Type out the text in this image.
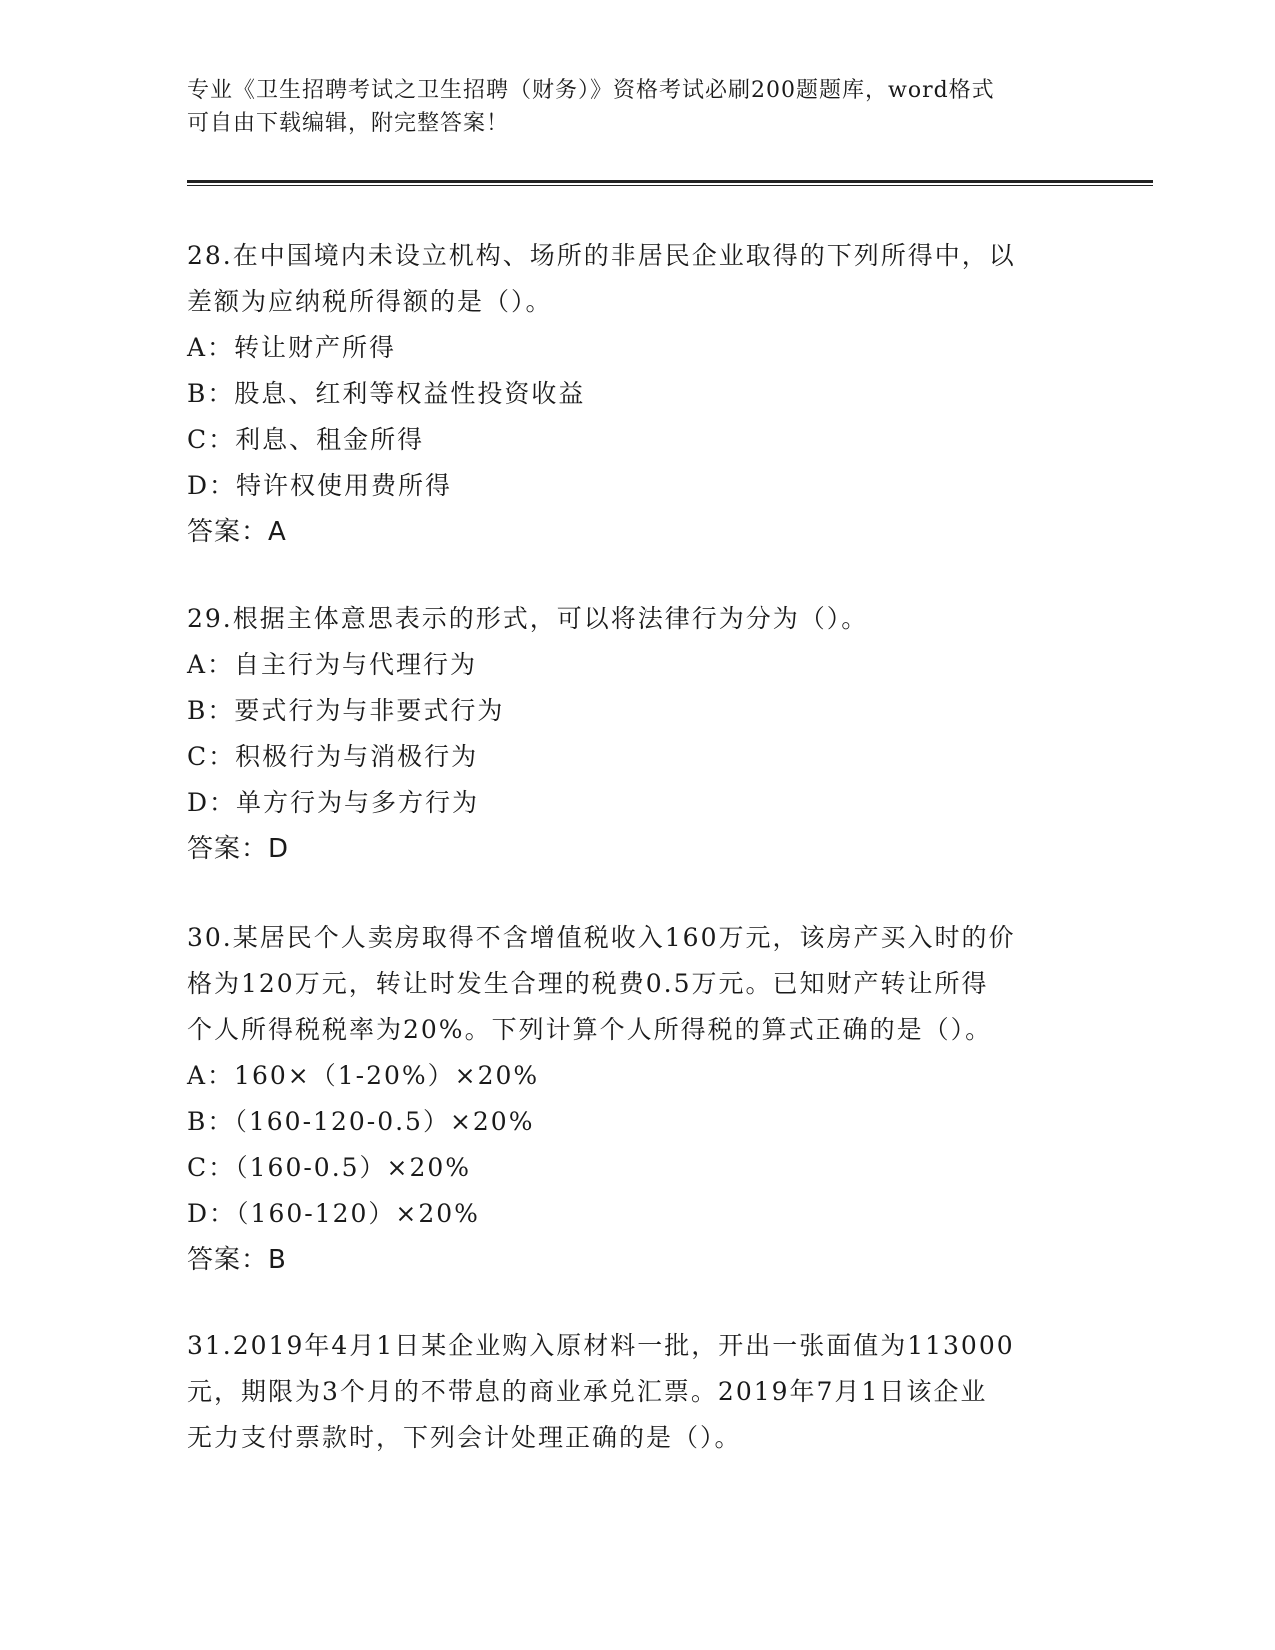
专业《卫生招聘考试之卫生招聘（财务）》资格考试必刷200题题库，word格式
可自由下载编辑，附完整答案！
28.在中国境内未设立机构、场所的非居民企业取得的下列所得中，以
差额为应纳税所得额的是（）。
A：转让财产所得
B：股息、红利等权益性投资收益
C：利息、租金所得
D：特许权使用费所得
答案：A
29.根据主体意思表示的形式，可以将法律行为分为（）。
A：自主行为与代理行为
B：要式行为与非要式行为
C：积极行为与消极行为
D：单方行为与多方行为
答案：D
30.某居民个人卖房取得不含增值税收入160万元，该房产买入时的价
格为120万元，转让时发生合理的税费0.5万元。已知财产转让所得
个人所得税税率为20%。下列计算个人所得税的算式正确的是（）。
A：160×（1-20%）×20%
B：（160-120-0.5）×20%
C：（160-0.5）×20%
D：（160-120）×20%
答案：B
31.2019年4月1日某企业购入原材料一批，开出一张面值为113000
元，期限为3个月的不带息的商业承兑汇票。2019年7月1日该企业
无力支付票款时，下列会计处理正确的是（）。
